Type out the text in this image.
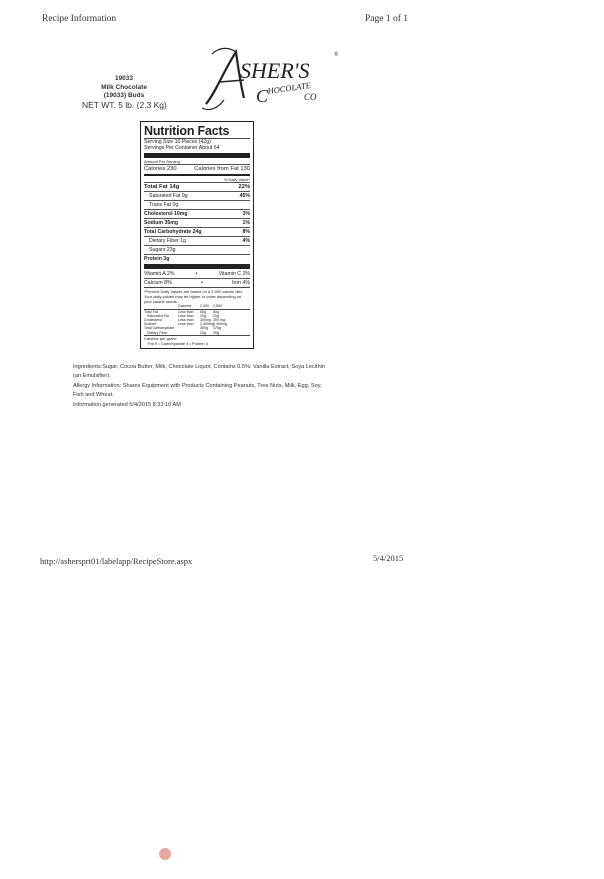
Recipe Information	Page 1 of 1
19033
Milk Chocolate
(19033) Buds
NET WT. 5 lb. (2.3 Kg)
SHER'S
®
C
HOCOLATE
CO
Nutrition Facts
Serving Size 10 Pieces (42g)
Servings Per Container About 54
Amount Per Serving
Calories 230	Calories from Fat 130
% Daily Value*
Total Fat 14g	22%
Saturated Fat 9g	45%
Trans Fat 0g
Cholesterol 10mg	3%
Sodium 35mg	1%
Total Carbohydrate 24g	8%
Dietary Fiber 1g	4%
Sugars 23g
Protein 3g
Vitamin A 2%	•	Vitamin C 2%
Calcium 8%	•	Iron 4%
*Percent Daily Values are based on a 2,000 calorie diet. Your daily values may be higher or lower depending on your calorie needs:
Calories	2,000	2,500
Total Fat	Less than	65g	80g
Saturated Fat	Less than	20g	25g
Cholesterol	Less than	300mg 300 mg
Sodium	Less than	2,400mg 2,400mg
Total Carbohydrate	300g	375g
Dietary Fiber	25g	30g
Calories per gram:
Fat 9 • Carbohydrate 4 • Protein 4
Ingredients:Sugar, Cocoa Butter, Milk, Chocolate Liquor, Contains 0.5%: Vanilla Extract, Soya Lecithin (an Emulsifier).
Allergy Information: Shares Equipment with Products Containing Peanuts, Tree Nuts, Milk, Egg, Soy, Fish and Wheat.
Information generated 5/4/2015 8:33:10 AM
http://ashersprt01/labelapp/RecipeStore.aspx	5/4/2015
